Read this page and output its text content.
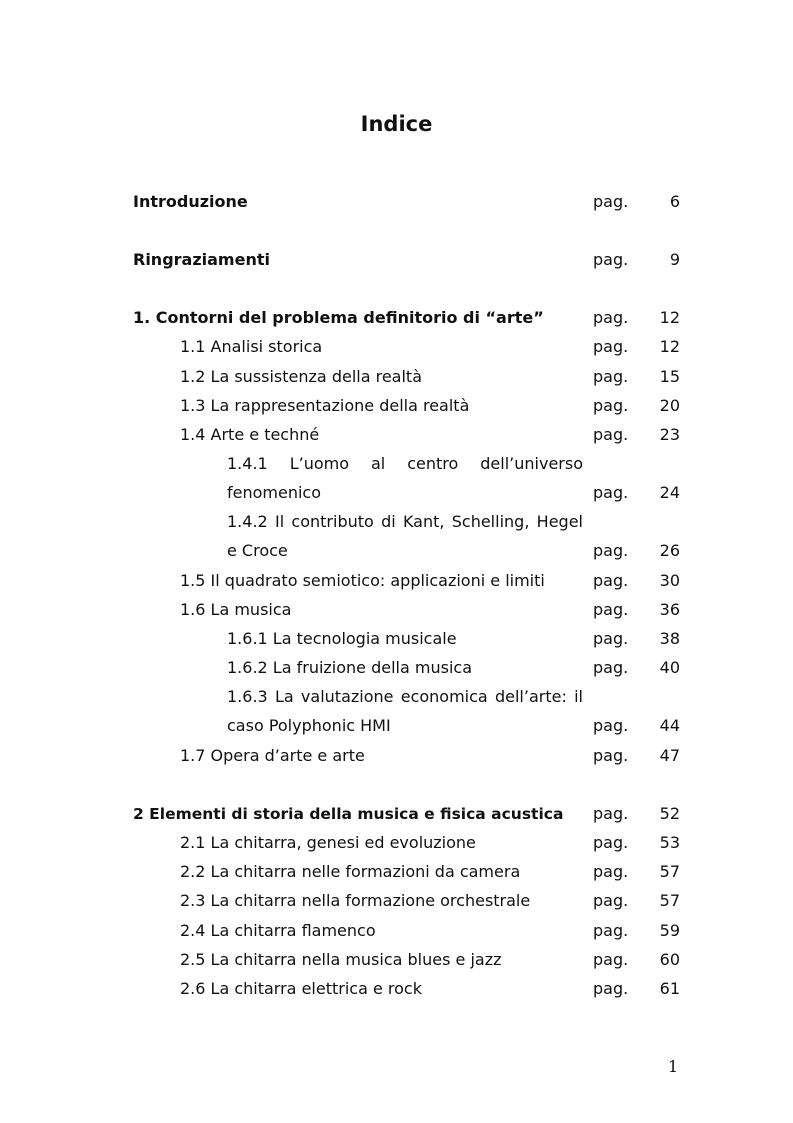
Indice
Introduzione	pag.	6
Ringraziamenti	pag.	9
1. Contorni del problema definitorio di “arte”	pag.	12
1.1 Analisi storica	pag.	12
1.2 La sussistenza della realtà	pag.	15
1.3 La rappresentazione della realtà	pag.	20
1.4 Arte e techné	pag.	23
1.4.1 L’uomo al centro dell’universo
fenomenico	pag.	24
1.4.2 Il contributo di Kant, Schelling, Hegel
e Croce	pag.	26
1.5 Il quadrato semiotico: applicazioni e limiti	pag.	30
1.6 La musica	pag.	36
1.6.1 La tecnologia musicale	pag.	38
1.6.2 La fruizione della musica	pag.	40
1.6.3 La valutazione economica dell’arte: il
caso Polyphonic HMI	pag.	44
1.7 Opera d’arte e arte	pag.	47
2 Elementi di storia della musica e fisica acustica pag.	52
2.1 La chitarra, genesi ed evoluzione	pag.	53
2.2 La chitarra nelle formazioni da camera	pag.	57
2.3 La chitarra nella formazione orchestrale	pag.	57
2.4 La chitarra flamenco	pag.	59
2.5 La chitarra nella musica blues e jazz	pag.	60
2.6 La chitarra elettrica e rock	pag.	61
1
